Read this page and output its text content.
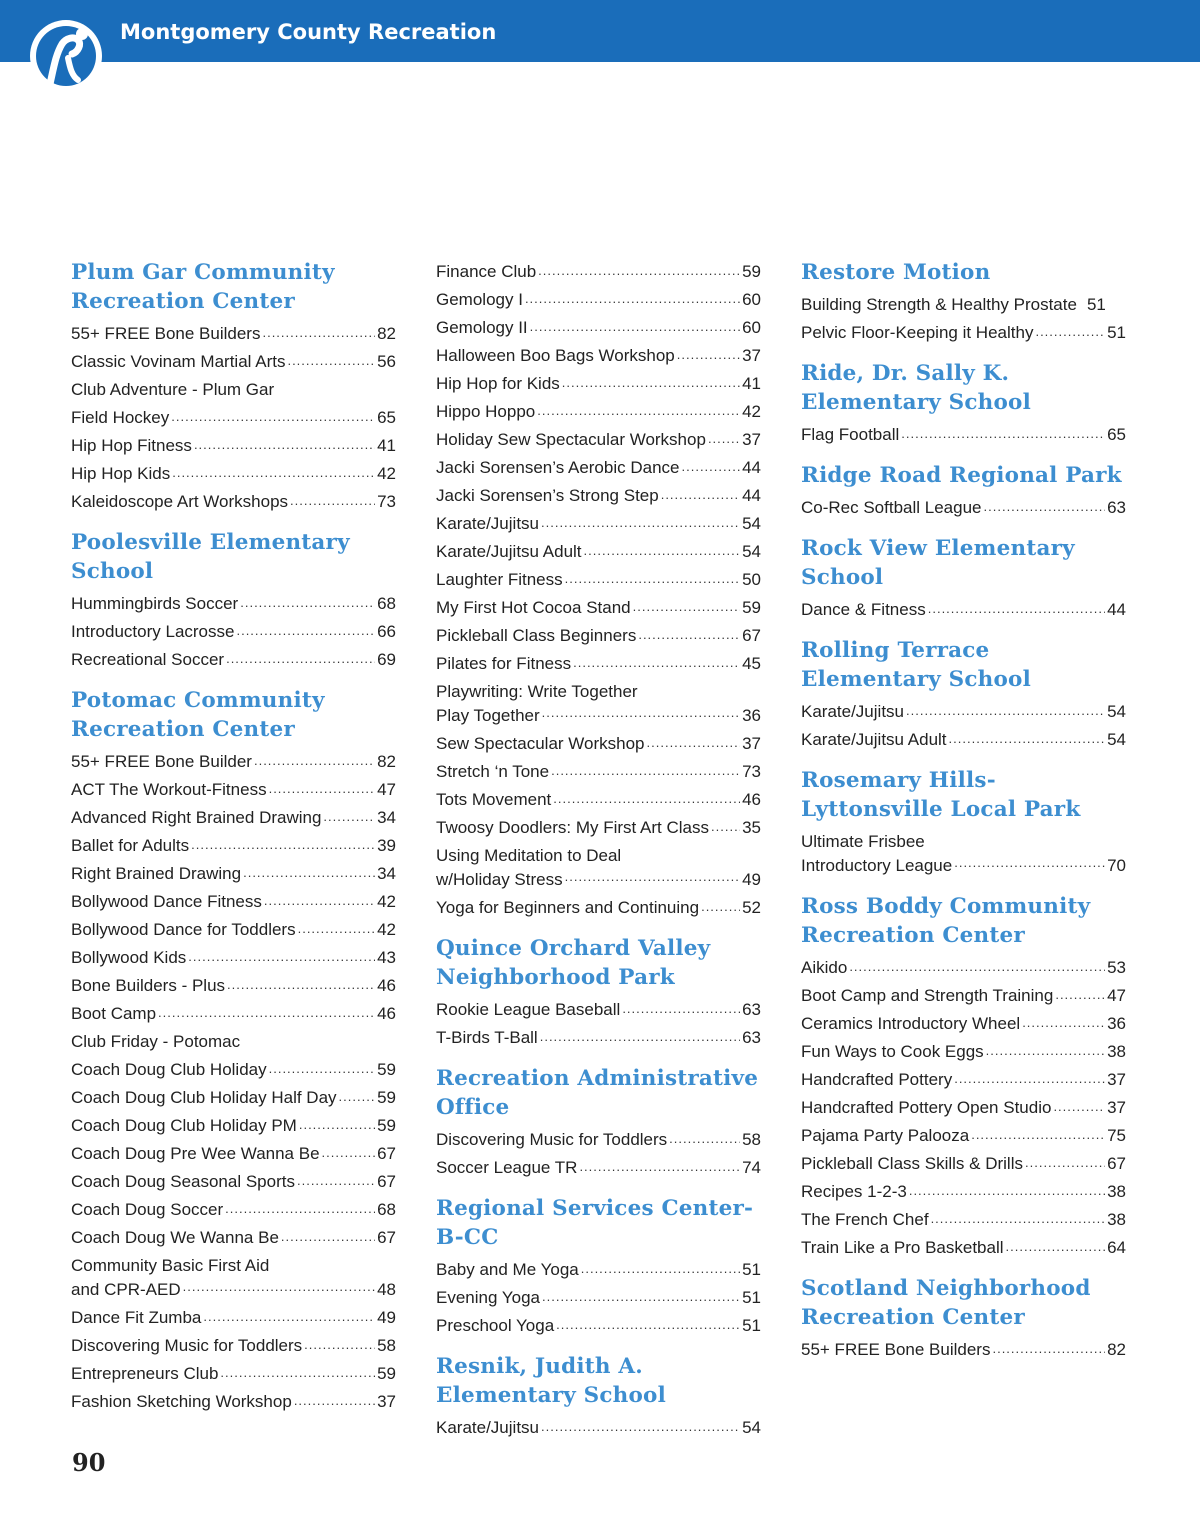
Montgomery County Recreation
Plum Gar Community Recreation Center
55+ FREE Bone Builders .....	82
Classic Vovinam Martial Arts .....	56
Club Adventure - Plum Gar
Field Hockey .....	65
Hip Hop Fitness .....	41
Hip Hop Kids .....	42
Kaleidoscope Art Workshops .....	73
Poolesville Elementary School
Hummingbirds Soccer .....	68
Introductory Lacrosse .....	66
Recreational Soccer .....	69
Potomac Community Recreation Center
55+ FREE Bone Builder .....	82
ACT The Workout-Fitness .....	47
Advanced Right Brained Drawing .....	34
Ballet for Adults .....	39
Right Brained Drawing .....	34
Bollywood Dance Fitness .....	42
Bollywood Dance for Toddlers .....	42
Bollywood Kids .....	43
Bone Builders - Plus .....	46
Boot Camp .....	46
Club Friday - Potomac
Coach Doug Club Holiday .....	59
Coach Doug Club Holiday Half Day ..... 59
Coach Doug Club Holiday PM .....	59
Coach Doug Pre Wee Wanna Be .....	67
Coach Doug Seasonal Sports .....	67
Coach Doug Soccer .....	68
Coach Doug We Wanna Be .....	67
Community Basic First Aid
and CPR-AED .....	48
Dance Fit Zumba .....	49
Discovering Music for Toddlers .....	58
Entrepreneurs Club .....	59
Fashion Sketching Workshop .....	37
Finance Club .....	59
Gemology I .....	60
Gemology II .....	60
Halloween Boo Bags Workshop .....	37
Hip Hop for Kids .....	41
Hippo Hoppo .....	42
Holiday Sew Spectacular Workshop ..... 37
Jacki Sorensen’s Aerobic Dance .....	44
Jacki Sorensen’s Strong Step .....	44
Karate/Jujitsu .....	54
Karate/Jujitsu Adult .....	54
Laughter Fitness .....	50
My First Hot Cocoa Stand .....	59
Pickleball Class Beginners .....	67
Pilates for Fitness .....	45
Playwriting: Write Together
Play Together .....	36
Sew Spectacular Workshop .....	37
Stretch ‘n Tone .....	73
Tots Movement .....	46
Twoosy Doodlers: My First Art Class ..... 35
Using Meditation to Deal
w/Holiday Stress .....	49
Yoga for Beginners and Continuing .....	52
Quince Orchard Valley Neighborhood Park
Rookie League Baseball .....	63
T-Birds T-Ball .....	63
Recreation Administrative Office
Discovering Music for Toddlers .....	58
Soccer League TR .....	74
Regional Services Center-B-CC
Baby and Me Yoga .....	51
Evening Yoga .....	51
Preschool Yoga .....	51
Resnik, Judith A. Elementary School
Karate/Jujitsu .....	54
Restore Motion
Building Strength & Healthy Prostate 51
Pelvic Floor-Keeping it Healthy .....	51
Ride, Dr. Sally K. Elementary School
Flag Football .....	65
Ridge Road Regional Park
Co-Rec Softball League .....	63
Rock View Elementary School
Dance & Fitness .....	44
Rolling Terrace Elementary School
Karate/Jujitsu .....	54
Karate/Jujitsu Adult .....	54
Rosemary Hills-Lyttonsville Local Park
Ultimate Frisbee
Introductory League .....	70
Ross Boddy Community Recreation Center
Aikido .....	53
Boot Camp and Strength Training .....	47
Ceramics Introductory Wheel .....	36
Fun Ways to Cook Eggs .....	38
Handcrafted Pottery .....	37
Handcrafted Pottery Open Studio .....	37
Pajama Party Palooza .....	75
Pickleball Class Skills & Drills .....	67
Recipes 1-2-3 .....	38
The French Chef .....	38
Train Like a Pro Basketball .....	64
Scotland Neighborhood Recreation Center
55+ FREE Bone Builders .....	82
90
